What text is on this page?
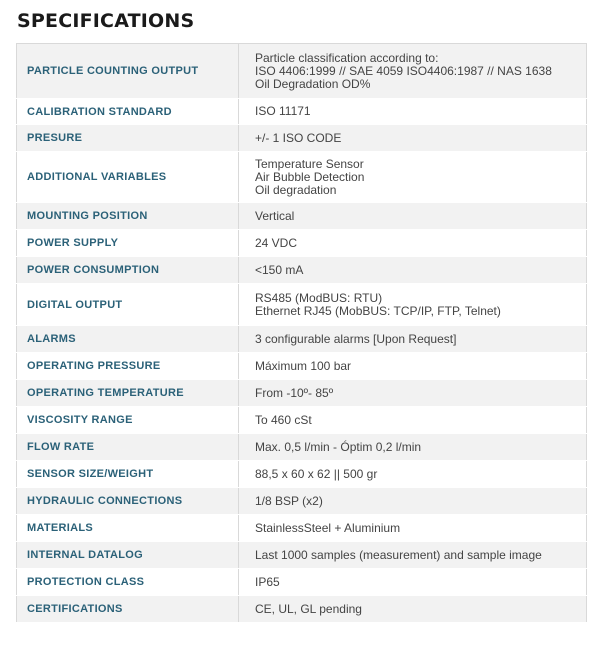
SPECIFICATIONS
PARTICLE COUNTING OUTPUT	Particle classification according to:
ISO 4406:1999 // SAE 4059 ISO4406:1987 // NAS 1638
Oil Degradation OD%

CALIBRATION STANDARD	ISO 11171

PRESURE	+/- 1 ISO CODE

ADDITIONAL VARIABLES	Temperature Sensor
Air Bubble Detection
Oil degradation

MOUNTING POSITION	Vertical

POWER SUPPLY	24 VDC

POWER CONSUMPTION	<150 mA

DIGITAL OUTPUT	RS485 (ModBUS: RTU)
Ethernet RJ45 (MobBUS: TCP/IP, FTP, Telnet)

ALARMS	3 configurable alarms [Upon Request]

OPERATING PRESSURE	Máximum 100 bar

OPERATING TEMPERATURE	From -10º- 85º

VISCOSITY RANGE	To 460 cSt

FLOW RATE	Max. 0,5 l/min - Óptim 0,2 l/min

SENSOR SIZE/WEIGHT	88,5 x 60 x 62 || 500 gr

HYDRAULIC CONNECTIONS	1/8 BSP (x2)

MATERIALS	StainlessSteel + Aluminium

INTERNAL DATALOG	Last 1000 samples (measurement) and sample image

PROTECTION CLASS	IP65

CERTIFICATIONS	CE, UL, GL pending
